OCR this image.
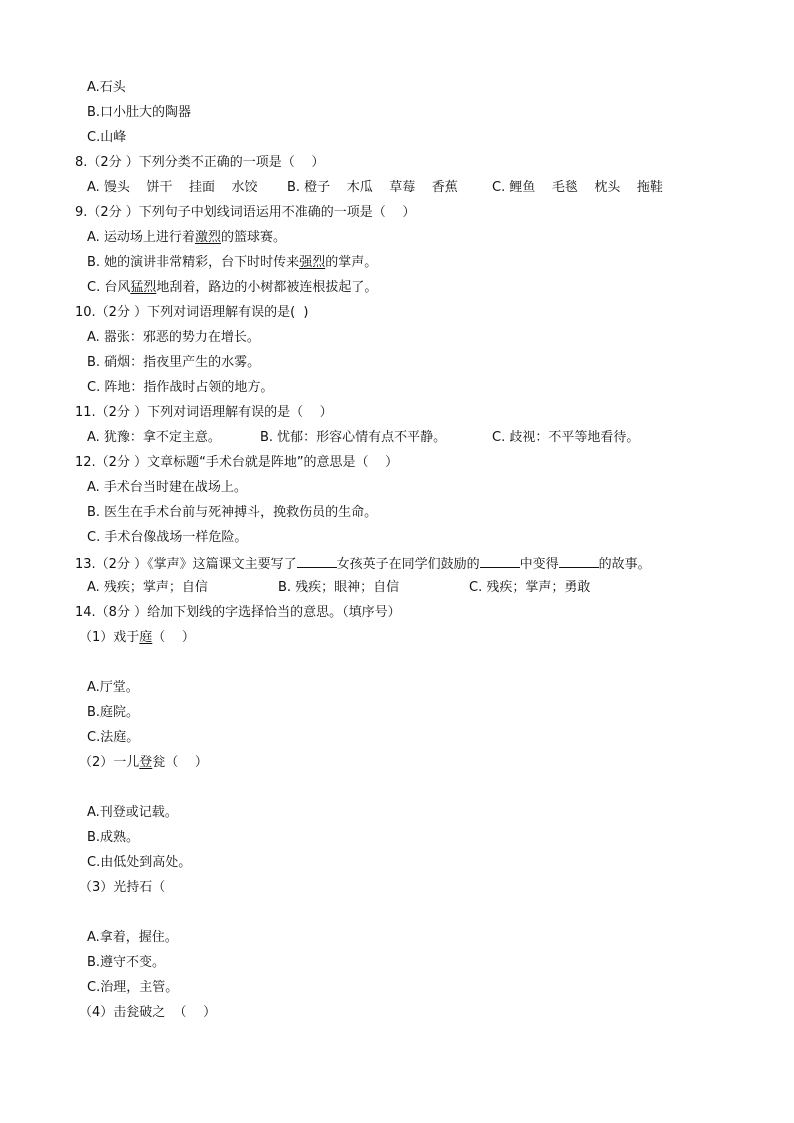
A.石头
B.口小肚大的陶器
C.山峰
8.（2分 ）下列分类不正确的一项是（    ）
A. 馒头    饼干    挂面    水饺 B. 橙子    木瓜    草莓    香蕉	C. 鲤鱼    毛毯    枕头    拖鞋
9.（2分 ）下列句子中划线词语运用不准确的一项是（    ）
A. 运动场上进行着激烈的篮球赛。
B. 她的演讲非常精彩，台下时时传来强烈的掌声。
C. 台风猛烈地刮着，路边的小树都被连根拔起了。
10.（2分 ）下列对词语理解有误的是(  )
A. 嚣张：邪恶的势力在增长。
B. 硝烟：指夜里产生的水雾。
C. 阵地：指作战时占领的地方。
11.（2分 ）下列对词语理解有误的是（    ）
A. 犹豫：拿不定主意。	B. 忧郁：形容心情有点不平静。	C. 歧视：不平等地看待。
12.（2分 ）文章标题“手术台就是阵地”的意思是（    ）
A. 手术台当时建在战场上。
B. 医生在手术台前与死神搏斗，挽救伤员的生命。
C. 手术台像战场一样危险。
13.（2分 ）《掌声》这篇课文主要写了	女孩英子在同学们鼓励的	中变得	的故事。
A. 残疾；掌声；自信	B. 残疾；眼神；自信	C. 残疾；掌声；勇敢
14.（8分 ）给加下划线的字选择恰当的意思。（填序号）
（1）戏于庭（    ）
A.厅堂。
B.庭院。
C.法庭。
（2）一儿登瓮（    ）
A.刊登或记载。
B.成熟。
C.由低处到高处。
（3）光持石（
A.拿着，握住。
B.遵守不变。
C.治理，主管。
（4）击瓮破之  （    ）
